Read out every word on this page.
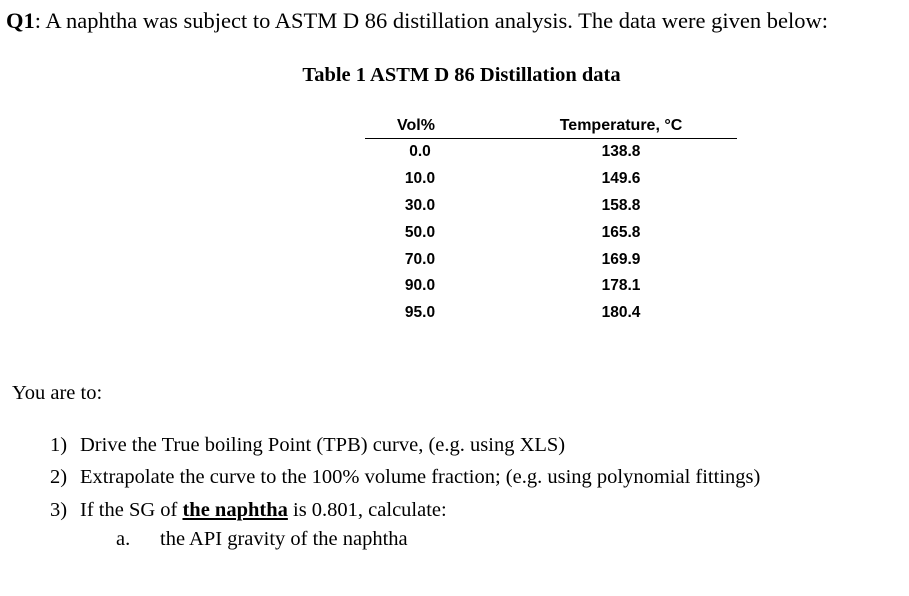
Q1: A naphtha was subject to ASTM D 86 distillation analysis. The data were given below:
Table 1 ASTM D 86 Distillation data
Vol%	Temperature, °C
0.0	138.8
10.0	149.6
30.0	158.8
50.0	165.8
70.0	169.9
90.0	178.1
95.0	180.4
You are to:
1) Drive the True boiling Point (TPB) curve, (e.g. using XLS)
2) Extrapolate the curve to the 100% volume fraction; (e.g. using polynomial fittings)
3) If the SG of the naphtha is 0.801, calculate:
a. the API gravity of the naphtha
